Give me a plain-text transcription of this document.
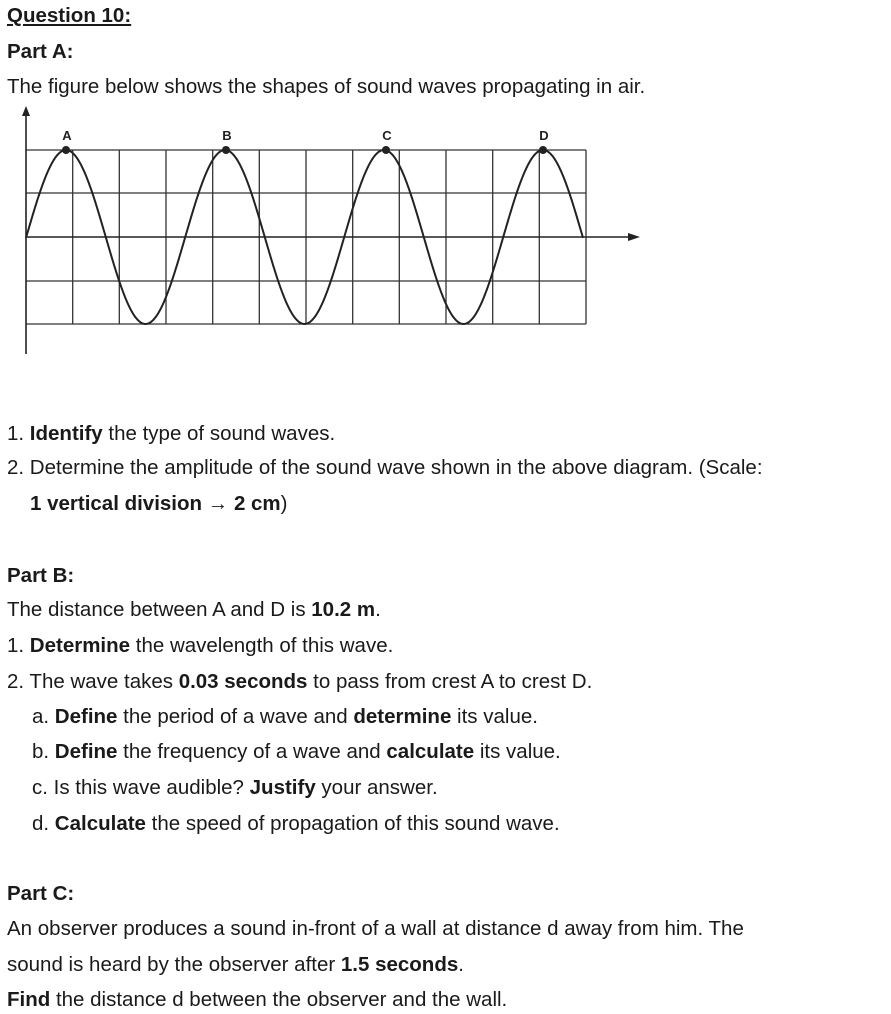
Question 10:
Part A:
The figure below shows the shapes of sound waves propagating in air.
A	B	C	D
1. Identify the type of sound waves.
2. Determine the amplitude of the sound wave shown in the above diagram. (Scale:
1 vertical division → 2 cm)
Part B:
The distance between A and D is 10.2 m.
1. Determine the wavelength of this wave.
2. The wave takes 0.03 seconds to pass from crest A to crest D.
a. Define the period of a wave and determine its value.
b. Define the frequency of a wave and calculate its value.
c. Is this wave audible? Justify your answer.
d. Calculate the speed of propagation of this sound wave.
Part C:
An observer produces a sound in-front of a wall at distance d away from him. The
sound is heard by the observer after 1.5 seconds.
Find the distance d between the observer and the wall.
